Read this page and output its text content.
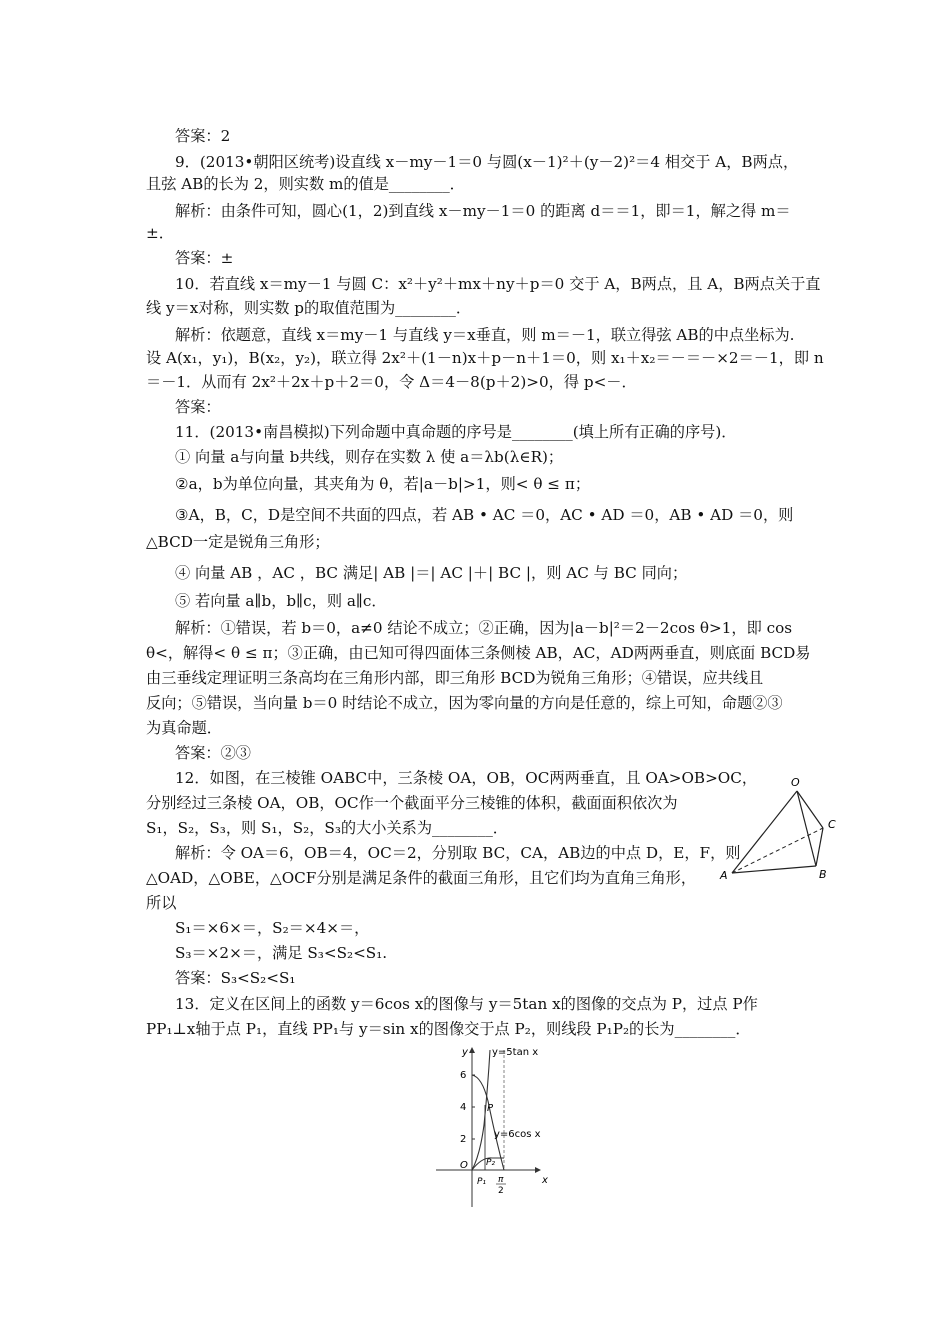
答案：2
9．(2013•朝阳区统考)设直线 x－my－1＝0 与圆(x－1)²＋(y－2)²＝4 相交于 A，B两点，
且弦 AB的长为 2，则实数 m的值是________．
解析：由条件可知，圆心(1，2)到直线 x－my－1＝0 的距离 d＝＝1，即＝1，解之得 m＝
±．
答案：±
10．若直线 x＝my－1 与圆 C：x²＋y²＋mx＋ny＋p＝0 交于 A，B两点，且 A，B两点关于直
线 y＝x对称，则实数 p的取值范围为________．
解析：依题意，直线 x＝my－1 与直线 y＝x垂直，则 m＝－1，联立得弦 AB的中点坐标为.
设 A(x₁，y₁)，B(x₂，y₂)，联立得 2x²＋(1－n)x＋p－n＋1＝0，则 x₁＋x₂＝－＝－×2＝－1，即 n
＝－1．从而有 2x²＋2x＋p＋2＝0，令 Δ＝4－8(p＋2)>0，得 p<－．
答案：
11．(2013•南昌模拟)下列命题中真命题的序号是________(填上所有正确的序号)．
① 向量 a与向量 b共线，则存在实数 λ 使 a＝λb(λ∈R)；
②a，b为单位向量，其夹角为 θ，若|a－b|>1，则< θ ≤ π；
③A，B，C，D是空间不共面的四点，若 AB • AC ＝0，AC • AD ＝0，AB • AD ＝0，则
△BCD一定是锐角三角形；
④ 向量 AB ，AC ，BC 满足| AB |＝| AC |＋| BC |，则 AC 与 BC 同向；
⑤ 若向量 a∥b，b∥c，则 a∥c．
解析：①错误，若 b＝0，a≠0 结论不成立；②正确，因为|a－b|²＝2－2cos θ>1，即 cos
θ<，解得< θ ≤ π；③正确，由已知可得四面体三条侧棱 AB，AC，AD两两垂直，则底面 BCD易
由三垂线定理证明三条高均在三角形内部，即三角形 BCD为锐角三角形；④错误，应共线且
反向；⑤错误，当向量 b＝0 时结论不成立，因为零向量的方向是任意的，综上可知，命题②③
为真命题．
答案：②③
12．如图，在三棱锥 OABC中，三条棱 OA，OB，OC两两垂直，且 OA>OB>OC，
分别经过三条棱 OA，OB，OC作一个截面平分三棱锥的体积，截面面积依次为
S₁，S₂，S₃，则 S₁，S₂，S₃的大小关系为________．
解析：令 OA＝6，OB＝4，OC＝2，分别取 BC，CA，AB边的中点 D，E，F，则
△OAD，△OBE，△OCF分别是满足条件的截面三角形，且它们均为直角三角形，
所以
S₁＝×6×＝，S₂＝×4×＝，
S₃＝×2×＝，满足 S₃<S₂<S₁.
答案：S₃<S₂<S₁
13．定义在区间上的函数 y＝6cos x的图像与 y＝5tan x的图像的交点为 P，过点 P作
PP₁⊥x轴于点 P₁，直线 PP₁与 y＝sin x的图像交于点 P₂，则线段 P₁P₂的长为________．
O
A	B
C
y y=5tan x
6
4
2
P
y=6cos x
O P₂
P₁ π
2
x
